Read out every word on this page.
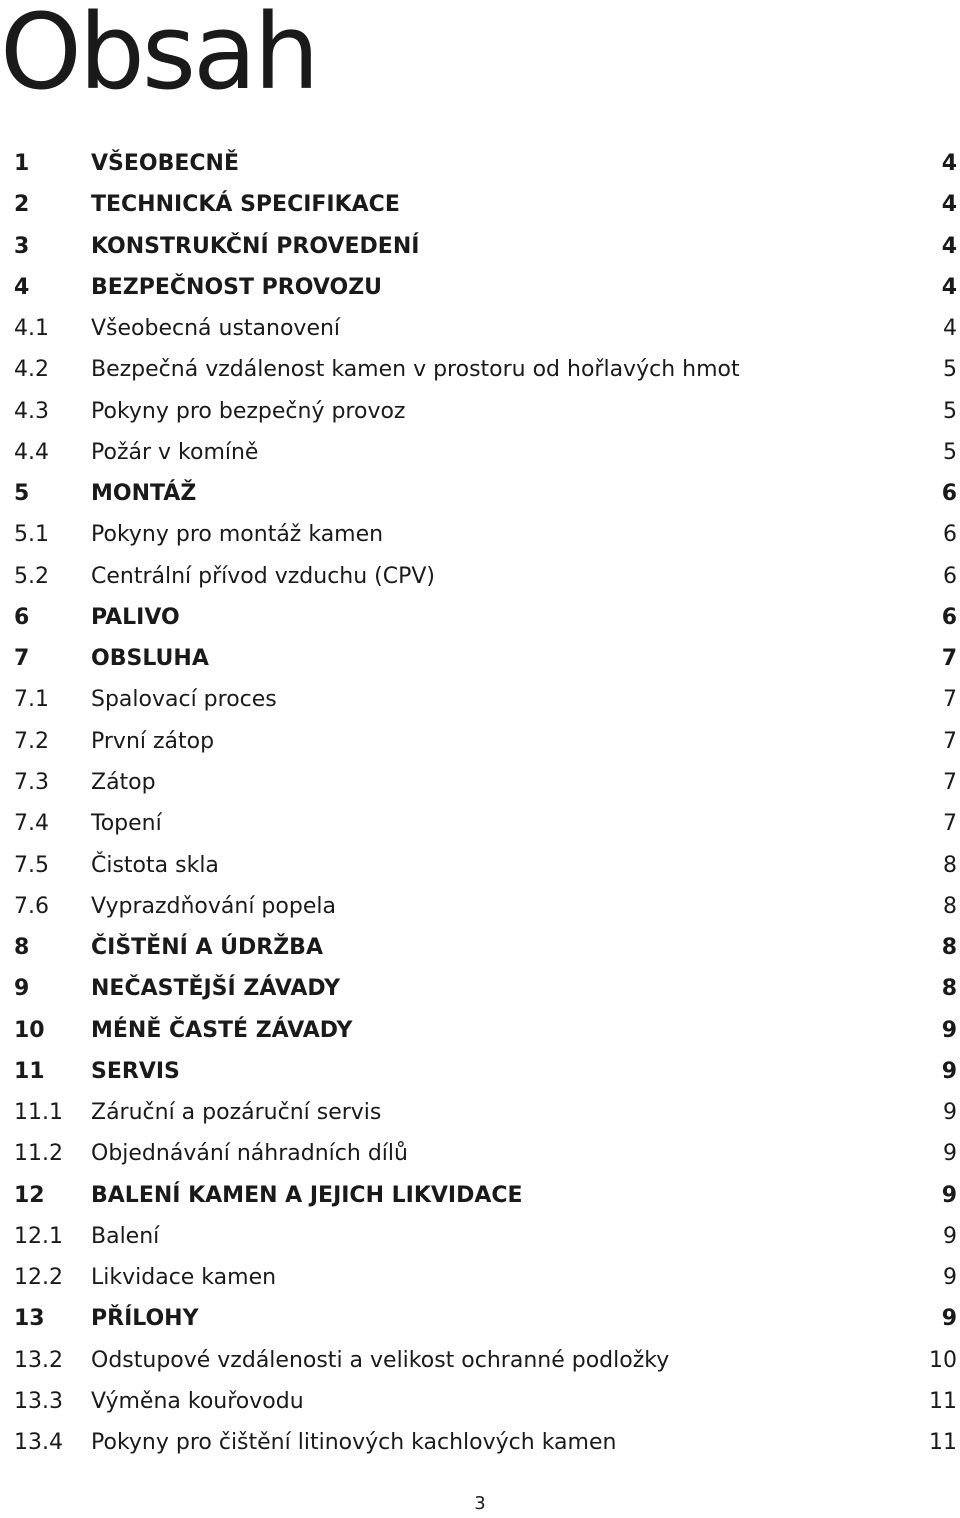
Obsah
1	VŠEOBECNĚ	4
2	TECHNICKÁ SPECIFIKACE	4
3	KONSTRUKČNÍ PROVEDENÍ	4
4	BEZPEČNOST PROVOZU	4
4.1	Všeobecná ustanovení	4
4.2	Bezpečná vzdálenost kamen v prostoru od hořlavých hmot	5
4.3	Pokyny pro bezpečný provoz	5
4.4	Požár v komíně	5
5	MONTÁŽ	6
5.1	Pokyny pro montáž kamen	6
5.2	Centrální přívod vzduchu (CPV)	6
6	PALIVO	6
7	OBSLUHA	7
7.1	Spalovací proces	7
7.2	První zátop	7
7.3	Zátop	7
7.4	Topení	7
7.5	Čistota skla	8
7.6	Vyprazdňování popela	8
8	ČIŠTĚNÍ A ÚDRŽBA	8
9	NEČASTĚJŠÍ ZÁVADY	8
10	MÉNĚ ČASTÉ ZÁVADY	9
11	SERVIS	9
11.1	Záruční a pozáruční servis	9
11.2	Objednávání náhradních dílů	9
12	BALENÍ KAMEN A JEJICH LIKVIDACE	9
12.1	Balení	9
12.2	Likvidace kamen	9
13	PŘÍLOHY	9
13.2	Odstupové vzdálenosti a velikost ochranné podložky	10
13.3	Výměna kouřovodu	11
13.4	Pokyny pro čištění litinových kachlových kamen	11
3
